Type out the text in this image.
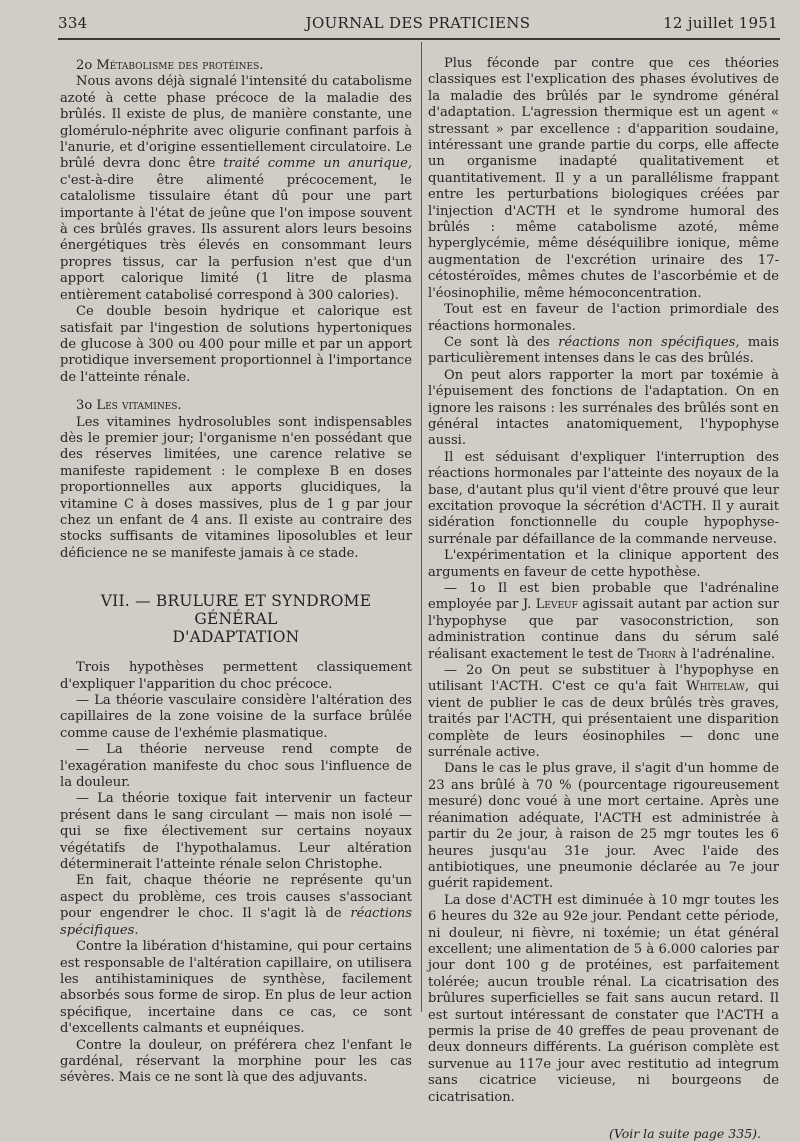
334	JOURNAL DES PRATICIENS	12 juillet 1951

2o Métabolisme des protéines.

Nous avons déjà signalé l'intensité du catabolisme azoté à cette phase précoce de la maladie des brûlés. Il existe de plus, de manière constante, une glomérulo-néphrite avec oligurie confinant parfois à l'anurie, et d'origine essentiellement circulatoire. Le brûlé devra donc être traité comme un anurique, c'est-à-dire être alimenté précocement, le catalolisme tissulaire étant dû pour une part importante à l'état de jeûne que l'on impose souvent à ces brûlés graves. Ils assurent alors leurs besoins énergétiques très élevés en consommant leurs propres tissus, car la perfusion n'est que d'un apport calorique limité (1 litre de plasma entièrement catabolisé correspond à 300 calories).

Ce double besoin hydrique et calorique est satisfait par l'ingestion de solutions hypertoniques de glucose à 300 ou 400 pour mille et par un apport protidique inversement proportionnel à l'importance de l'atteinte rénale.

3o Les vitamines.

Les vitamines hydrosolubles sont indispensables dès le premier jour; l'organisme n'en possédant que des réserves limitées, une carence relative se manifeste rapidement : le complexe B en doses proportionnelles aux apports glucidiques, la vitamine C à doses massives, plus de 1 g par jour chez un enfant de 4 ans. Il existe au contraire des stocks suffisants de vitamines liposolubles et leur déficience ne se manifeste jamais à ce stade.

VII. — BRULURE ET SYNDROME GÉNÉRAL
D'ADAPTATION

Trois hypothèses permettent classiquement d'expliquer l'apparition du choc précoce.

— La théorie vasculaire considère l'altération des capillaires de la zone voisine de la surface brûlée comme cause de l'exhémie plasmatique.

— La théorie nerveuse rend compte de l'exagération manifeste du choc sous l'influence de la douleur.

— La théorie toxique fait intervenir un facteur présent dans le sang circulant — mais non isolé — qui se fixe électivement sur certains noyaux végétatifs de l'hypothalamus. Leur altération déterminerait l'atteinte rénale selon Christophe.

En fait, chaque théorie ne représente qu'un aspect du problème, ces trois causes s'associant pour engendrer le choc. Il s'agit là de réactions spécifiques.

Contre la libération d'histamine, qui pour certains est responsable de l'altération capillaire, on utilisera les antihistaminiques de synthèse, facilement absorbés sous forme de sirop. En plus de leur action spécifique, incertaine dans ce cas, ce sont d'excellents calmants et eupnéiques.

Contre la douleur, on préférera chez l'enfant le gardénal, réservant la morphine pour les cas sévères. Mais ce ne sont là que des adjuvants.

Plus féconde par contre que ces théories classiques est l'explication des phases évolutives de la maladie des brûlés par le syndrome général d'adaptation. L'agression thermique est un agent « stressant » par excellence : d'apparition soudaine, intéressant une grande partie du corps, elle affecte un organisme inadapté qualitativement et quantitativement. Il y a un parallélisme frappant entre les perturbations biologiques créées par l'injection d'ACTH et le syndrome humoral des brûlés : même catabolisme azoté, même hyperglycémie, même déséquilibre ionique, même augmentation de l'excrétion urinaire des 17-cétostéroïdes, mêmes chutes de l'ascorbémie et de l'éosinophilie, même hémoconcentration.

Tout est en faveur de l'action primordiale des réactions hormonales.

Ce sont là des réactions non spécifiques, mais particulièrement intenses dans le cas des brûlés.

On peut alors rapporter la mort par toxémie à l'épuisement des fonctions de l'adaptation. On en ignore les raisons : les surrénales des brûlés sont en général intactes anatomiquement, l'hypophyse aussi.

Il est séduisant d'expliquer l'interruption des réactions hormonales par l'atteinte des noyaux de la base, d'autant plus qu'il vient d'être prouvé que leur excitation provoque la sécrétion d'ACTH. Il y aurait sidération fonctionnelle du couple hypophyse-surrénale par défaillance de la commande nerveuse.

L'expérimentation et la clinique apportent des arguments en faveur de cette hypothèse.

— 1o Il est bien probable que l'adrénaline employée par J. Leveuf agissait autant par action sur l'hypophyse que par vasoconstriction, son administration continue dans du sérum salé réalisant exactement le test de Thorn à l'adrénaline.

— 2o On peut se substituer à l'hypophyse en utilisant l'ACTH. C'est ce qu'a fait Whitelaw, qui vient de publier le cas de deux brûlés très graves, traités par l'ACTH, qui présentaient une disparition complète de leurs éosinophiles — donc une surrénale active.

Dans le cas le plus grave, il s'agit d'un homme de 23 ans brûlé à 70 % (pourcentage rigoureusement mesuré) donc voué à une mort certaine. Après une réanimation adéquate, l'ACTH est administrée à partir du 2e jour, à raison de 25 mgr toutes les 6 heures jusqu'au 31e jour. Avec l'aide des antibiotiques, une pneumonie déclarée au 7e jour guérit rapidement.

La dose d'ACTH est diminuée à 10 mgr toutes les 6 heures du 32e au 92e jour. Pendant cette période, ni douleur, ni fièvre, ni toxémie; un état général excellent; une alimentation de 5 à 6.000 calories par jour dont 100 g de protéines, est parfaitement tolérée; aucun trouble rénal. La cicatrisation des brûlures superficielles se fait sans aucun retard. Il est surtout intéressant de constater que l'ACTH a permis la prise de 40 greffes de peau provenant de deux donneurs différents. La guérison complète est survenue au 117e jour avec restitutio ad integrum sans cicatrice vicieuse, ni bourgeons de cicatrisation.

(Voir la suite page 335).
